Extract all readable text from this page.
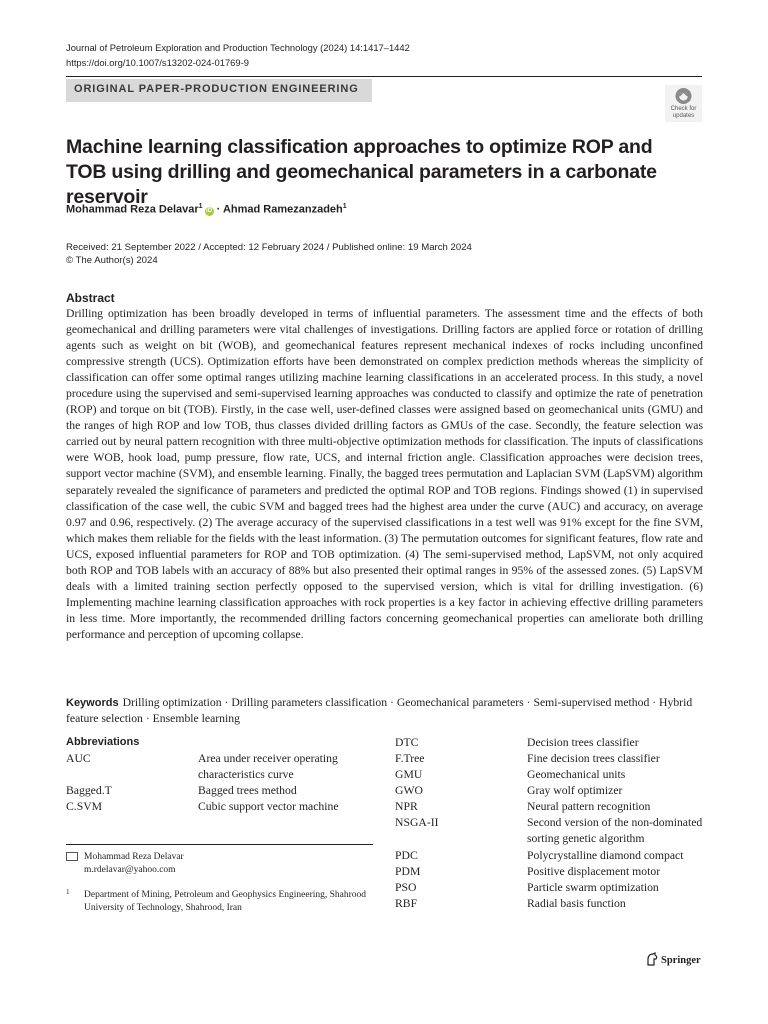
Journal of Petroleum Exploration and Production Technology (2024) 14:1417–1442
https://doi.org/10.1007/s13202-024-01769-9
ORIGINAL PAPER-PRODUCTION ENGINEERING
Check for updates
Machine learning classification approaches to optimize ROP and TOB using drilling and geomechanical parameters in a carbonate reservoir
Mohammad Reza Delavar$^1$iD · Ahmad Ramezanzadeh$^1$
Received: 21 September 2022 / Accepted: 12 February 2024 / Published online: 19 March 2024
© The Author(s) 2024
Abstract
Drilling optimization has been broadly developed in terms of influential parameters. The assessment time and the effects of both geomechanical and drilling parameters were vital challenges of investigations. Drilling factors are applied force or rotation of drilling agents such as weight on bit (WOB), and geomechanical features represent mechanical indexes of rocks including unconfined compressive strength (UCS). Optimization efforts have been demonstrated on complex prediction methods whereas the simplicity of classification can offer some optimal ranges utilizing machine learning classifications in an accelerated process. In this study, a novel procedure using the supervised and semi-supervised learning approaches was conducted to classify and optimize the rate of penetration (ROP) and torque on bit (TOB). Firstly, in the case well, user-defined classes were assigned based on geomechanical units (GMU) and the ranges of high ROP and low TOB, thus classes divided drilling factors as GMUs of the case. Secondly, the feature selection was carried out by neural pattern recognition with three multi-objective optimization methods for classification. The inputs of classifications were WOB, hook load, pump pressure, flow rate, UCS, and internal friction angle. Classification approaches were decision trees, support vector machine (SVM), and ensemble learning. Finally, the bagged trees permutation and Laplacian SVM (LapSVM) algorithm separately revealed the significance of parameters and predicted the optimal ROP and TOB regions. Findings showed (1) in supervised classification of the case well, the cubic SVM and bagged trees had the highest area under the curve (AUC) and accuracy, on average 0.97 and 0.96, respectively. (2) The average accuracy of the supervised classifications in a test well was 91% except for the fine SVM, which makes them reliable for the fields with the least information. (3) The permutation outcomes for significant features, flow rate and UCS, exposed influential parameters for ROP and TOB optimization. (4) The semi-supervised method, LapSVM, not only acquired both ROP and TOB labels with an accuracy of 88% but also presented their optimal ranges in 95% of the assessed zones. (5) LapSVM deals with a limited training section perfectly opposed to the supervised version, which is vital for drilling investigation. (6) Implementing machine learning classification approaches with rock properties is a key factor in achieving effective drilling parameters in less time. More importantly, the recommended drilling factors concerning geomechanical properties can ameliorate both drilling performance and perception of upcoming collapse.
Keywords Drilling optimization · Drilling parameters classification · Geomechanical parameters · Semi-supervised method · Hybrid feature selection · Ensemble learning
Abbreviations
AUC	Area under receiver operating characteristics curve
Bagged.T	Bagged trees method
C.SVM	Cubic support vector machine
DTC	Decision trees classifier
F.Tree	Fine decision trees classifier
GMU	Geomechanical units
GWO	Gray wolf optimizer
NPR	Neural pattern recognition
NSGA-II	Second version of the non-dominated sorting genetic algorithm
PDC	Polycrystalline diamond compact
PDM	Positive displacement motor
PSO	Particle swarm optimization
RBF	Radial basis function
Mohammad Reza Delavar
m.rdelavar@yahoo.com
1 Department of Mining, Petroleum and Geophysics Engineering, Shahrood University of Technology, Shahrood, Iran
Springer
